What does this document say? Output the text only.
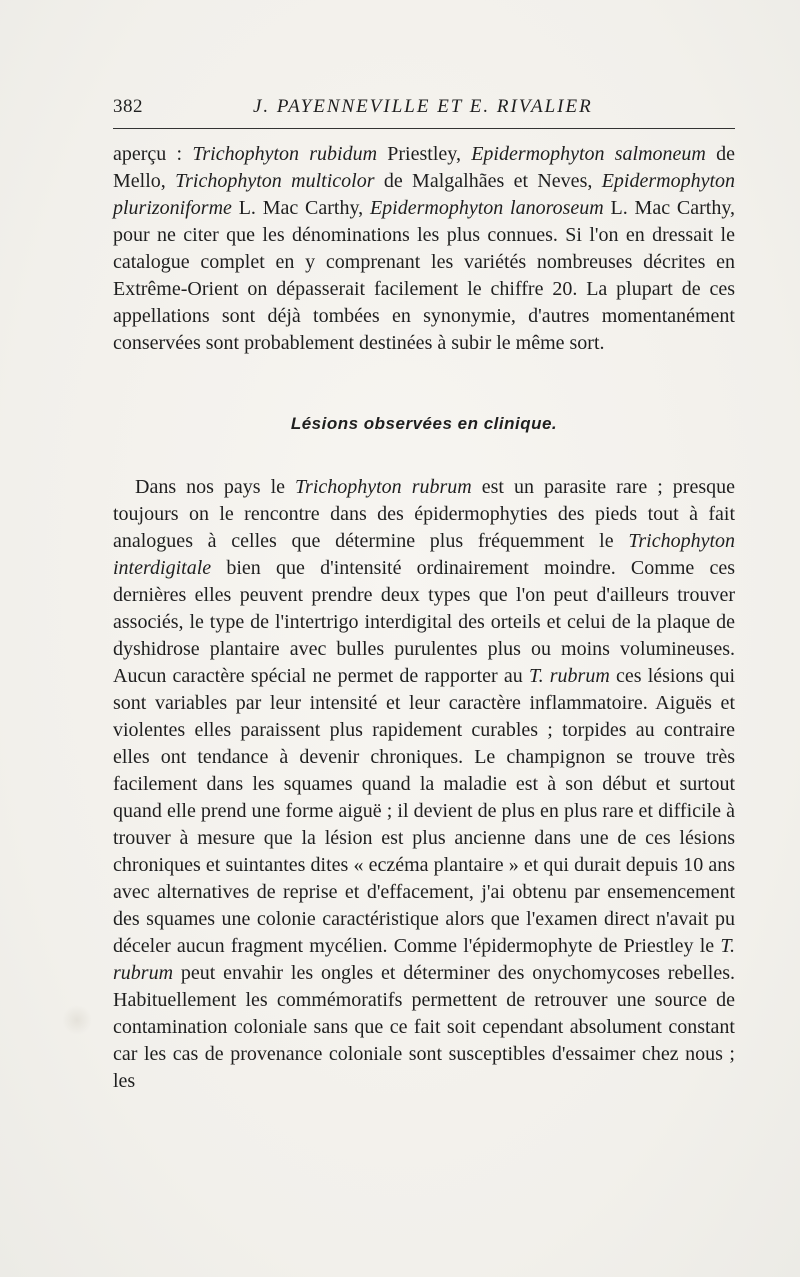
382	J. PAYENNEVILLE ET E. RIVALIER
aperçu : Trichophyton rubidum Priestley, Epidermophyton salmoneum de Mello, Trichophyton multicolor de Malgalhães et Neves, Epidermophyton plurizoniforme L. Mac Carthy, Epidermophyton lanoroseum L. Mac Carthy, pour ne citer que les dénominations les plus connues. Si l'on en dressait le catalogue complet en y comprenant les variétés nombreuses décrites en Extrême-Orient on dépasserait facilement le chiffre 20. La plupart de ces appellations sont déjà tombées en synonymie, d'autres momentanément conservées sont probablement destinées à subir le même sort.
Lésions observées en clinique.
Dans nos pays le Trichophyton rubrum est un parasite rare ; presque toujours on le rencontre dans des épidermophyties des pieds tout à fait analogues à celles que détermine plus fréquemment le Trichophyton interdigitale bien que d'intensité ordinairement moindre. Comme ces dernières elles peuvent prendre deux types que l'on peut d'ailleurs trouver associés, le type de l'intertrigo interdigital des orteils et celui de la plaque de dyshidrose plantaire avec bulles purulentes plus ou moins volumineuses. Aucun caractère spécial ne permet de rapporter au T. rubrum ces lésions qui sont variables par leur intensité et leur caractère inflammatoire. Aiguës et violentes elles paraissent plus rapidement curables ; torpides au contraire elles ont tendance à devenir chroniques. Le champignon se trouve très facilement dans les squames quand la maladie est à son début et surtout quand elle prend une forme aiguë ; il devient de plus en plus rare et difficile à trouver à mesure que la lésion est plus ancienne dans une de ces lésions chroniques et suintantes dites « eczéma plantaire » et qui durait depuis 10 ans avec alternatives de reprise et d'effacement, j'ai obtenu par ensemencement des squames une colonie caractéristique alors que l'examen direct n'avait pu déceler aucun fragment mycélien. Comme l'épidermophyte de Priestley le T. rubrum peut envahir les ongles et déterminer des onychomycoses rebelles. Habituellement les commémoratifs permettent de retrouver une source de contamination coloniale sans que ce fait soit cependant absolument constant car les cas de provenance coloniale sont susceptibles d'essaimer chez nous ; les
